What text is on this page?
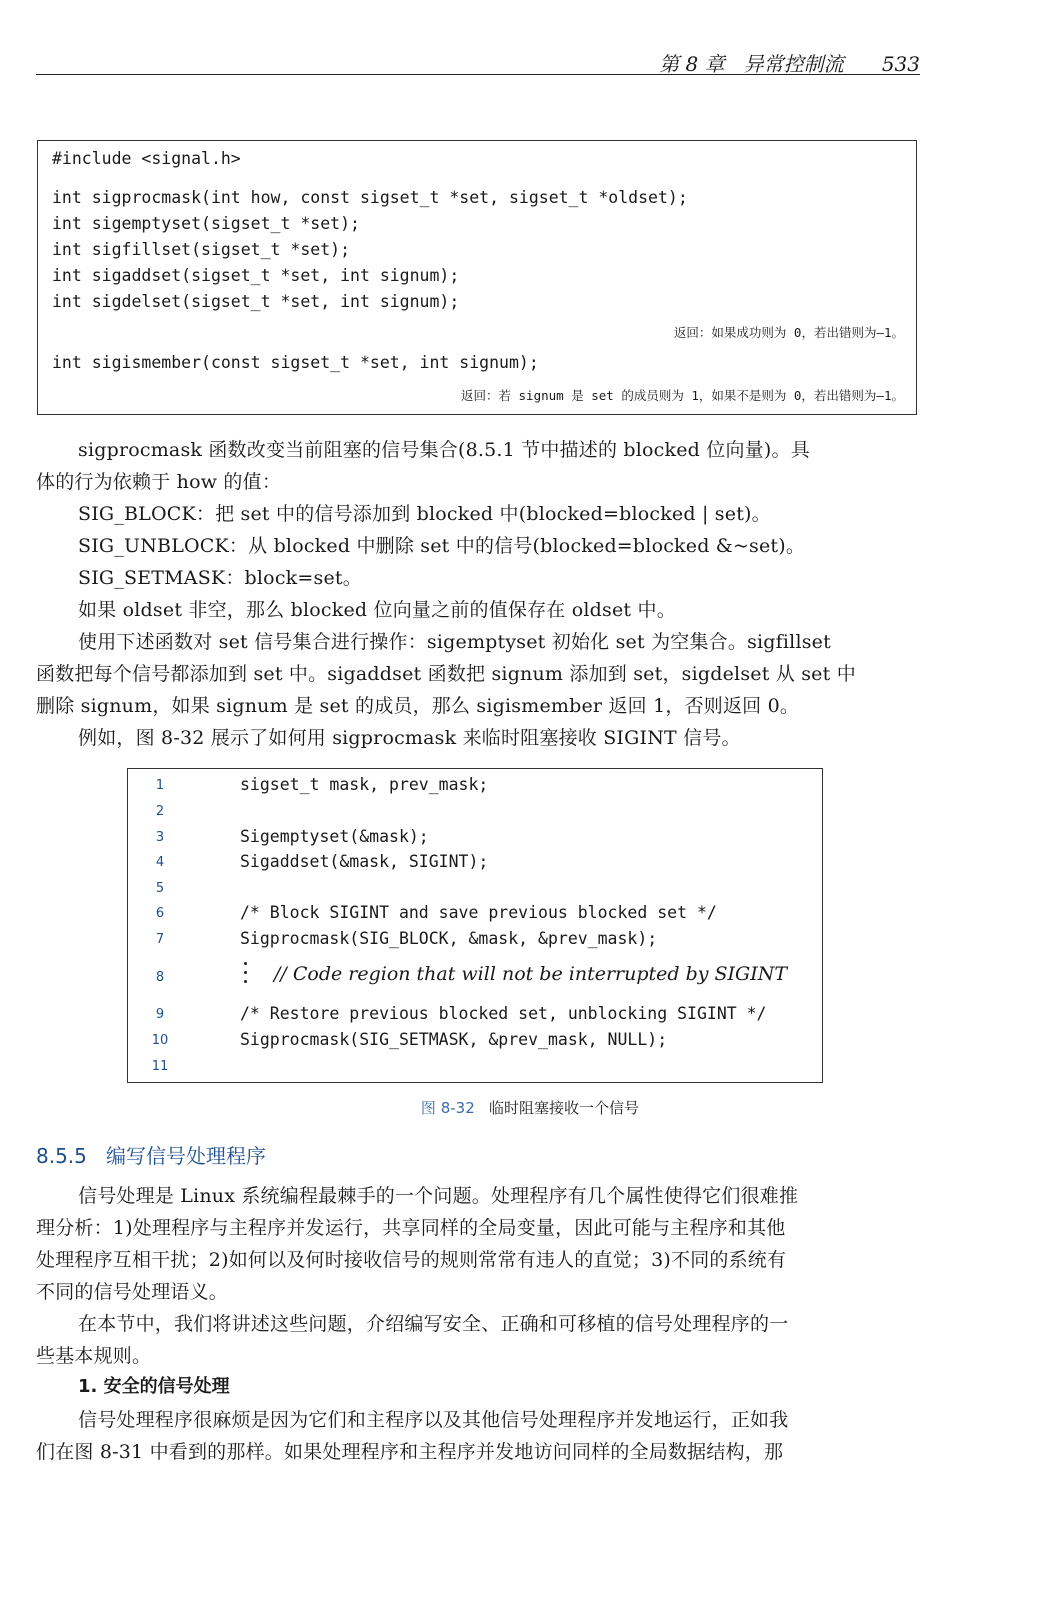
第 8 章 异常控制流 533
#include <signal.h>
int sigprocmask(int how, const sigset_t *set, sigset_t *oldset);
int sigemptyset(sigset_t *set);
int sigfillset(sigset_t *set);
int sigaddset(sigset_t *set, int signum);
int sigdelset(sigset_t *set, int signum);
返回：如果成功则为 0，若出错则为—1。
int sigismember(const sigset_t *set, int signum);
返回：若 signum 是 set 的成员则为 1，如果不是则为 0，若出错则为—1。
sigprocmask 函数改变当前阻塞的信号集合(8.5.1 节中描述的 blocked 位向量)。具
体的行为依赖于 how 的值：
SIG_BLOCK：把 set 中的信号添加到 blocked 中(blocked=blocked | set)。
SIG_UNBLOCK：从 blocked 中删除 set 中的信号(blocked=blocked &~set)。
SIG_SETMASK：block=set。
如果 oldset 非空，那么 blocked 位向量之前的值保存在 oldset 中。
使用下述函数对 set 信号集合进行操作：sigemptyset 初始化 set 为空集合。sigfillset
函数把每个信号都添加到 set 中。sigaddset 函数把 signum 添加到 set，sigdelset 从 set 中
删除 signum，如果 signum 是 set 的成员，那么 sigismember 返回 1，否则返回 0。
例如，图 8-32 展示了如何用 sigprocmask 来临时阻塞接收 SIGINT 信号。
1	sigset_t mask, prev_mask;
2
3	Sigemptyset(&mask);
4	Sigaddset(&mask, SIGINT);
5
6	/* Block SIGINT and save previous blocked set */
7	Sigprocmask(SIG_BLOCK, &mask, &prev_mask);
8	// Code region that will not be interrupted by SIGINT
9	/* Restore previous blocked set, unblocking SIGINT */
10	Sigprocmask(SIG_SETMASK, &prev_mask, NULL);
11
图 8-32 临时阻塞接收一个信号
8.5.5 编写信号处理程序
信号处理是 Linux 系统编程最棘手的一个问题。处理程序有几个属性使得它们很难推
理分析：1)处理程序与主程序并发运行，共享同样的全局变量，因此可能与主程序和其他
处理程序互相干扰；2)如何以及何时接收信号的规则常常有违人的直觉；3)不同的系统有
不同的信号处理语义。
在本节中，我们将讲述这些问题，介绍编写安全、正确和可移植的信号处理程序的一
些基本规则。
1. 安全的信号处理
信号处理程序很麻烦是因为它们和主程序以及其他信号处理程序并发地运行，正如我
们在图 8-31 中看到的那样。如果处理程序和主程序并发地访问同样的全局数据结构，那
